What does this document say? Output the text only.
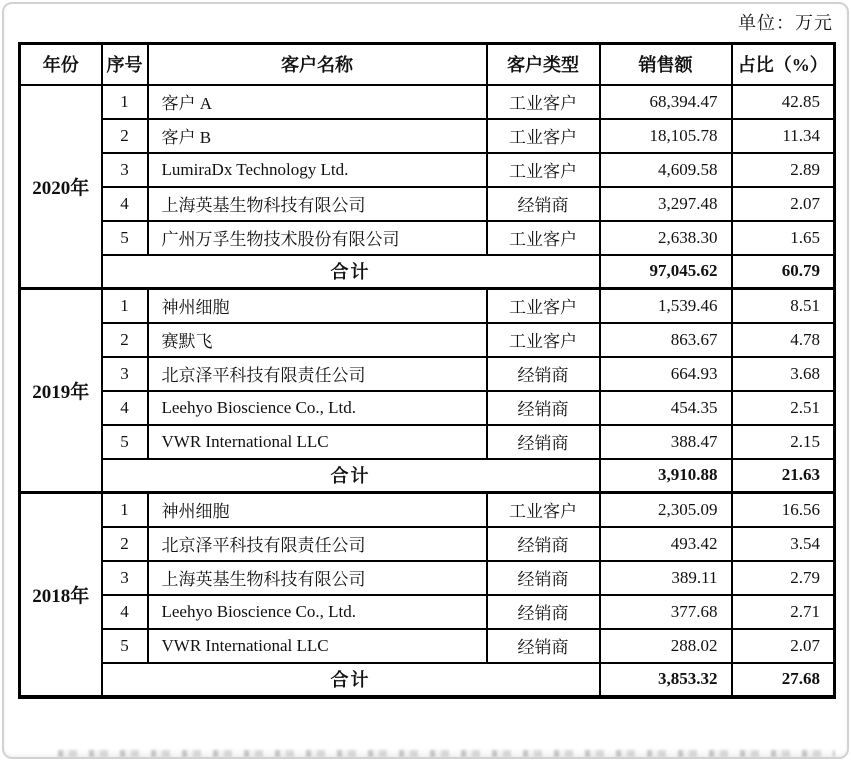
单位：万元
年份	序号	客户名称	客户类型	销售额	占比（%）
2020年	1	客户 A	工业客户	68,394.47	42.85
	2	客户 B	工业客户	18,105.78	11.34
	3	LumiraDx Technology Ltd.	工业客户	4,609.58	2.89
	4	上海英基生物科技有限公司	经销商	3,297.48	2.07
	5	广州万孚生物技术股份有限公司	工业客户	2,638.30	1.65
	合计			97,045.62	60.79
2019年	1	神州细胞	工业客户	1,539.46	8.51
	2	赛默飞	工业客户	863.67	4.78
	3	北京泽平科技有限责任公司	经销商	664.93	3.68
	4	Leehyo Bioscience Co., Ltd.	经销商	454.35	2.51
	5	VWR International LLC	经销商	388.47	2.15
	合计			3,910.88	21.63
2018年	1	神州细胞	工业客户	2,305.09	16.56
	2	北京泽平科技有限责任公司	经销商	493.42	3.54
	3	上海英基生物科技有限公司	经销商	389.11	2.79
	4	Leehyo Bioscience Co., Ltd.	经销商	377.68	2.71
	5	VWR International LLC	经销商	288.02	2.07
	合计			3,853.32	27.68
